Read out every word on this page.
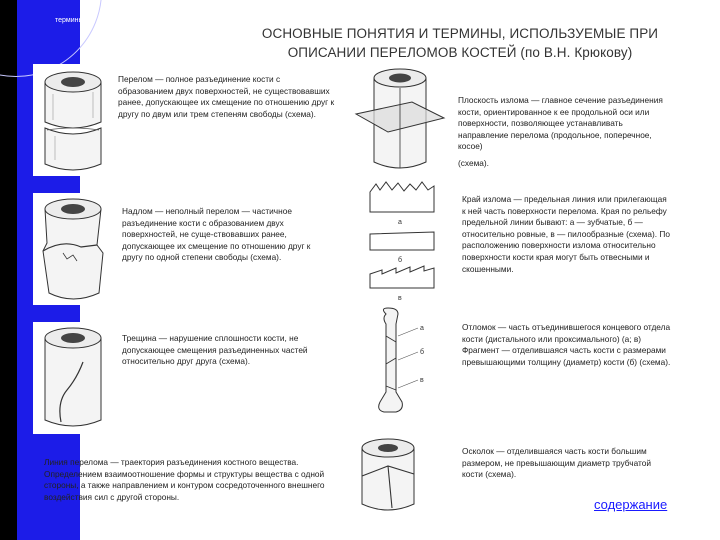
термины
ОСНОВНЫЕ ПОНЯТИЯ И ТЕРМИНЫ, ИСПОЛЬЗУЕМЫЕ ПРИ
ОПИСАНИИ ПЕРЕЛОМОВ КОСТЕЙ (по В.Н. Крюкову)
Перелом — полное разъединение кости с образованием двух поверхностей, не существовавших ранее, допускающее их смещение по отношению друг к другу по двум или трем степеням свободы (схема).
Плоскость излома — главное сечение разъединения кости, ориентированное к ее продольной оси или поверхности, позволяющее устанавливать направление перелома (продольное, поперечное, косое)
(схема).
Надлом — неполный перелом — частичное разъединение кости с образованием двух поверхностей, не суще-ствовавших ранее, допускающее их смещение по отношению друг к другу по одной степени свободы (схема).
а
б
в
Край излома — предельная линия или прилегающая к ней часть поверхности перелома. Края по рельефу предельной линии бывают: а — зубчатые, б — относительно ровные, в — пилообразные (схема). По расположению поверхности излома относительно поверхности кости края могут быть отвесными и скошенными.
Трещина — нарушение сплошности кости, не допускающее смещения разъединенных частей относительно друг друга (схема).
а
б
в
Отломок — часть отъединившегося концевого отдела кости (дистального или проксимального) (а; в) Фрагмент — отделившаяся часть кости с размерами превышающими толщину (диаметр) кости (б) (схема).
Линия перелома — траектория разъединения костного вещества. Определением взаимоотношение формы и структуры вещества с одной стороны, а также направлением и контуром сосредоточенного внешнего воздействия сил с другой стороны.
Осколок — отделившаяся часть кости большим размером, не превышающим диаметр трубчатой кости (схема).
содержание
